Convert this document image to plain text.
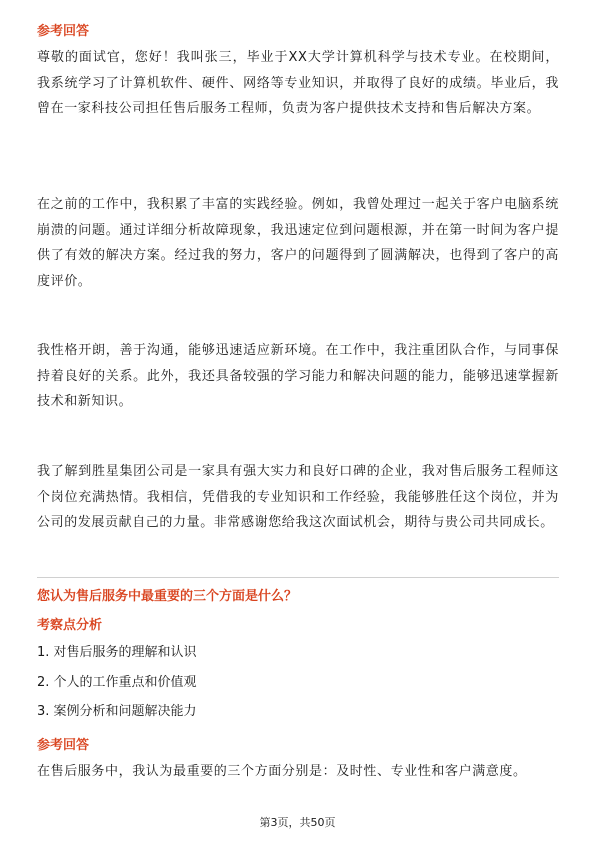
参考回答
尊敬的面试官，您好！我叫张三，毕业于XX大学计算机科学与技术专业。在校期间，我系统学习了计算机软件、硬件、网络等专业知识，并取得了良好的成绩。毕业后，我曾在一家科技公司担任售后服务工程师，负责为客户提供技术支持和售后解决方案。
在之前的工作中，我积累了丰富的实践经验。例如，我曾处理过一起关于客户电脑系统崩溃的问题。通过详细分析故障现象，我迅速定位到问题根源，并在第一时间为客户提供了有效的解决方案。经过我的努力，客户的问题得到了圆满解决，也得到了客户的高度评价。
我性格开朗，善于沟通，能够迅速适应新环境。在工作中，我注重团队合作，与同事保持着良好的关系。此外，我还具备较强的学习能力和解决问题的能力，能够迅速掌握新技术和新知识。
我了解到胜星集团公司是一家具有强大实力和良好口碑的企业，我对售后服务工程师这个岗位充满热情。我相信，凭借我的专业知识和工作经验，我能够胜任这个岗位，并为公司的发展贡献自己的力量。非常感谢您给我这次面试机会，期待与贵公司共同成长。
您认为售后服务中最重要的三个方面是什么？
考察点分析
1. 对售后服务的理解和认识
2. 个人的工作重点和价值观
3. 案例分析和问题解决能力
参考回答
在售后服务中，我认为最重要的三个方面分别是：及时性、专业性和客户满意度。
第3页，共50页
